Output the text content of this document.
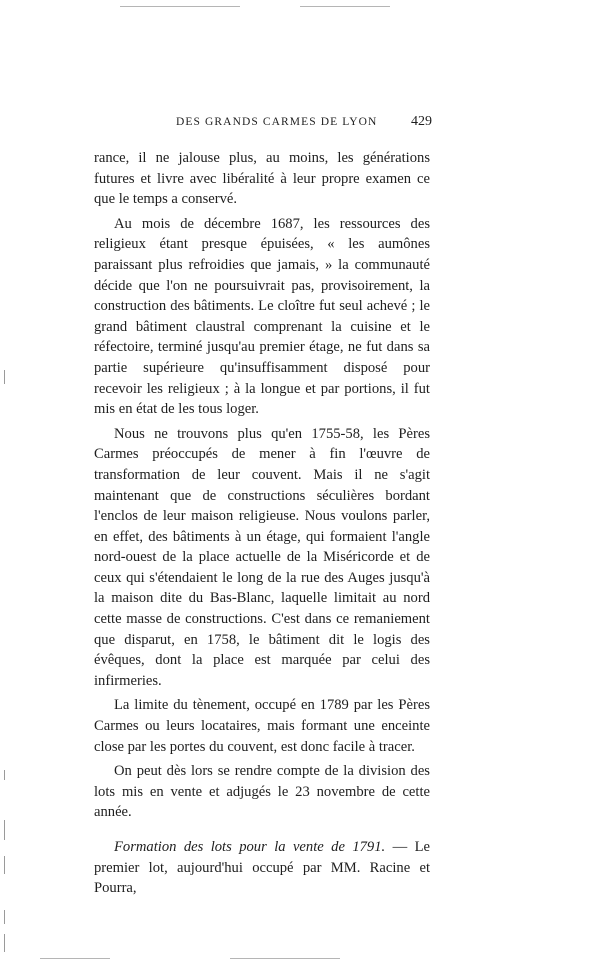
DES GRANDS CARMES DE LYON 429

rance, il ne jalouse plus, au moins, les générations futures et livre avec libéralité à leur propre examen ce que le temps a conservé.

Au mois de décembre 1687, les ressources des religieux étant presque épuisées, « les aumônes paraissant plus refroidies que jamais, » la communauté décide que l'on ne poursuivrait pas, provisoirement, la construction des bâtiments. Le cloître fut seul achevé ; le grand bâtiment claustral comprenant la cuisine et le réfectoire, terminé jusqu'au premier étage, ne fut dans sa partie supérieure qu'insuffisamment disposé pour recevoir les religieux ; à la longue et par portions, il fut mis en état de les tous loger.

Nous ne trouvons plus qu'en 1755-58, les Pères Carmes préoccupés de mener à fin l'œuvre de transformation de leur couvent. Mais il ne s'agit maintenant que de constructions séculières bordant l'enclos de leur maison religieuse. Nous voulons parler, en effet, des bâtiments à un étage, qui formaient l'angle nord-ouest de la place actuelle de la Miséricorde et de ceux qui s'étendaient le long de la rue des Auges jusqu'à la maison dite du Bas-Blanc, laquelle limitait au nord cette masse de constructions. C'est dans ce remaniement que disparut, en 1758, le bâtiment dit le logis des évêques, dont la place est marquée par celui des infirmeries.

La limite du tènement, occupé en 1789 par les Pères Carmes ou leurs locataires, mais formant une enceinte close par les portes du couvent, est donc facile à tracer.

On peut dès lors se rendre compte de la division des lots mis en vente et adjugés le 23 novembre de cette année.

Formation des lots pour la vente de 1791. — Le premier lot, aujourd'hui occupé par MM. Racine et Pourra,
